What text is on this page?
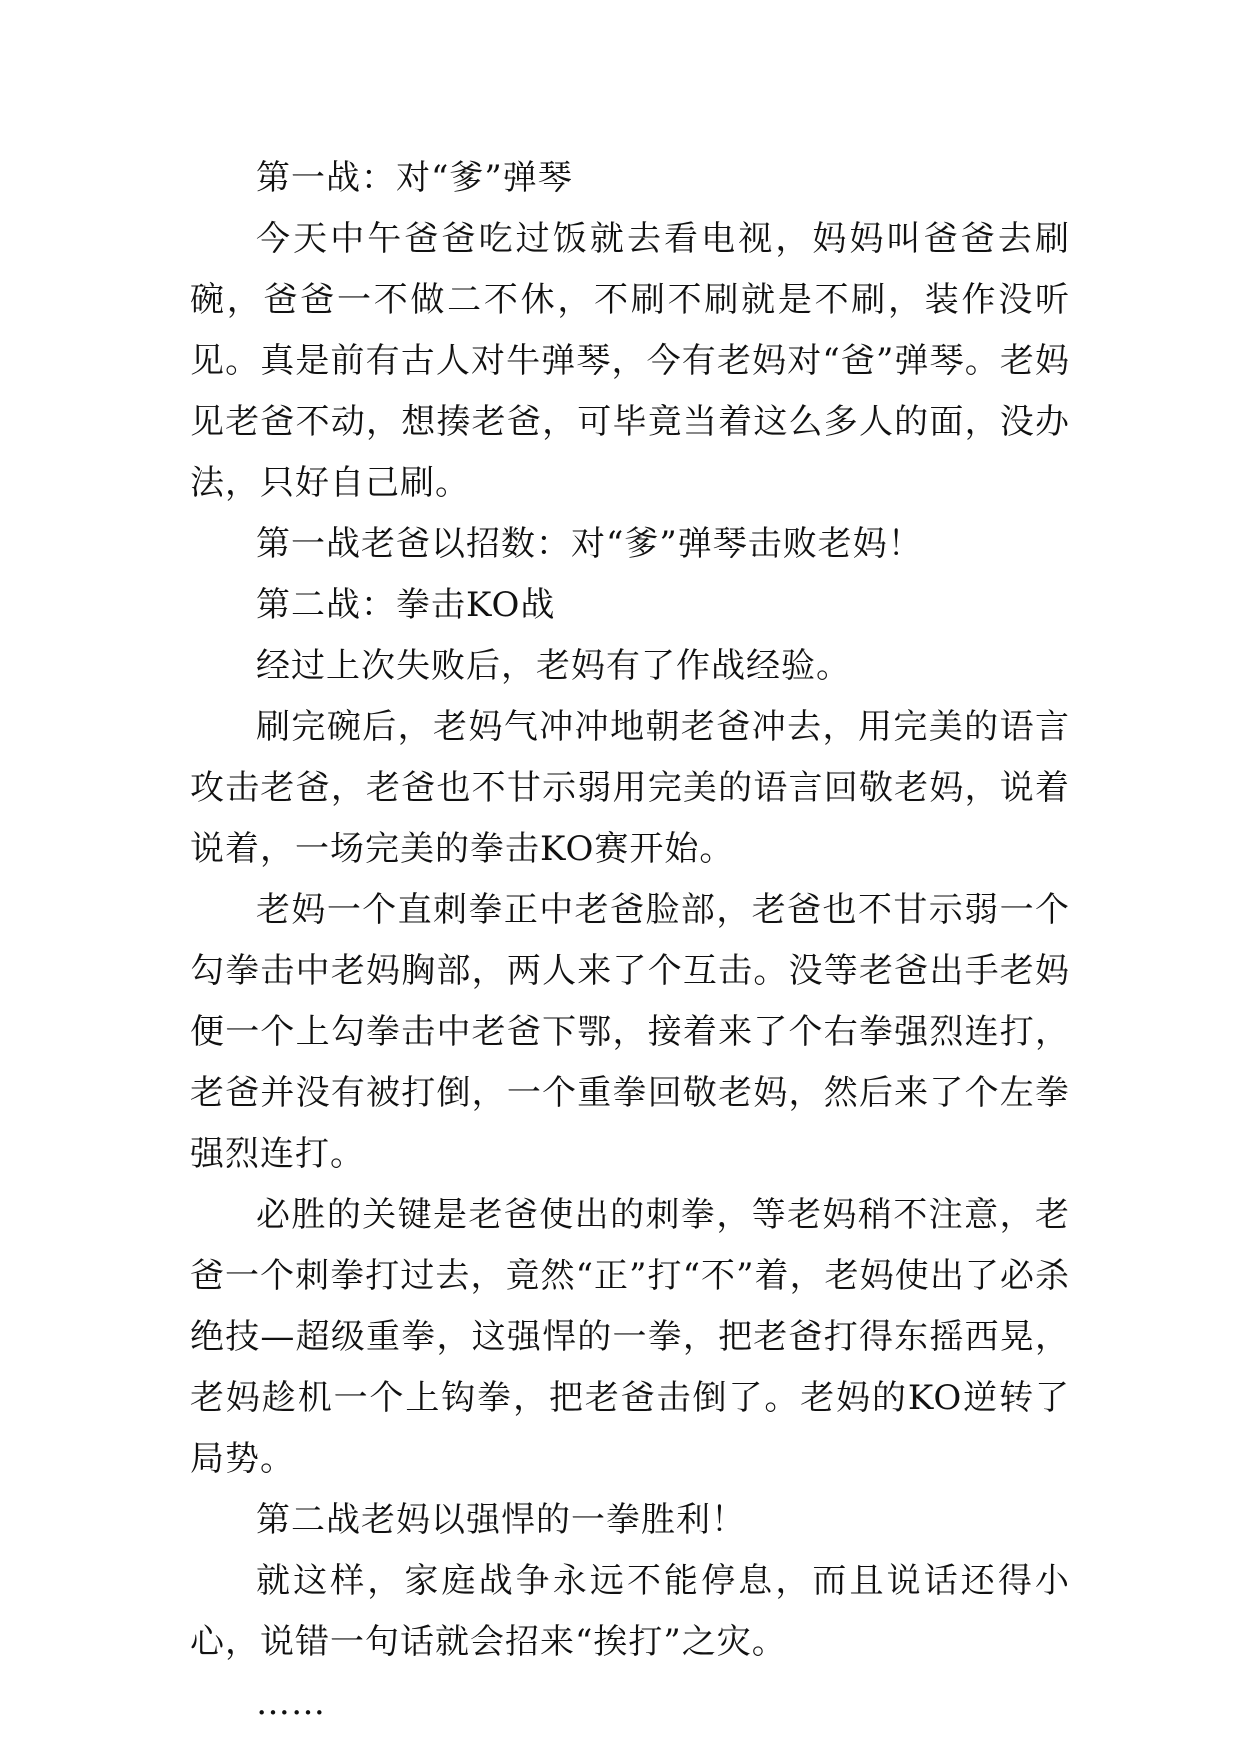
第一战：对“爹”弹琴

今天中午爸爸吃过饭就去看电视，妈妈叫爸爸去刷碗，爸爸一不做二不休，不刷不刷就是不刷，装作没听见。真是前有古人对牛弹琴，今有老妈对“爸”弹琴。老妈见老爸不动，想揍老爸，可毕竟当着这么多人的面，没办法，只好自己刷。

第一战老爸以招数：对“爹”弹琴击败老妈！

第二战：拳击KO战

经过上次失败后，老妈有了作战经验。

刷完碗后，老妈气冲冲地朝老爸冲去，用完美的语言攻击老爸，老爸也不甘示弱用完美的语言回敬老妈，说着说着，一场完美的拳击KO赛开始。

老妈一个直刺拳正中老爸脸部，老爸也不甘示弱一个勾拳击中老妈胸部，两人来了个互击。没等老爸出手老妈便一个上勾拳击中老爸下鄂，接着来了个右拳强烈连打，老爸并没有被打倒，一个重拳回敬老妈，然后来了个左拳强烈连打。

必胜的关键是老爸使出的刺拳，等老妈稍不注意，老爸一个刺拳打过去，竟然“正”打“不”着，老妈使出了必杀绝技—超级重拳，这强悍的一拳，把老爸打得东摇西晃，老妈趁机一个上钩拳，把老爸击倒了。老妈的KO逆转了局势。

第二战老妈以强悍的一拳胜利！

就这样，家庭战争永远不能停息，而且说话还得小心，说错一句话就会招来“挨打”之灾。

……
